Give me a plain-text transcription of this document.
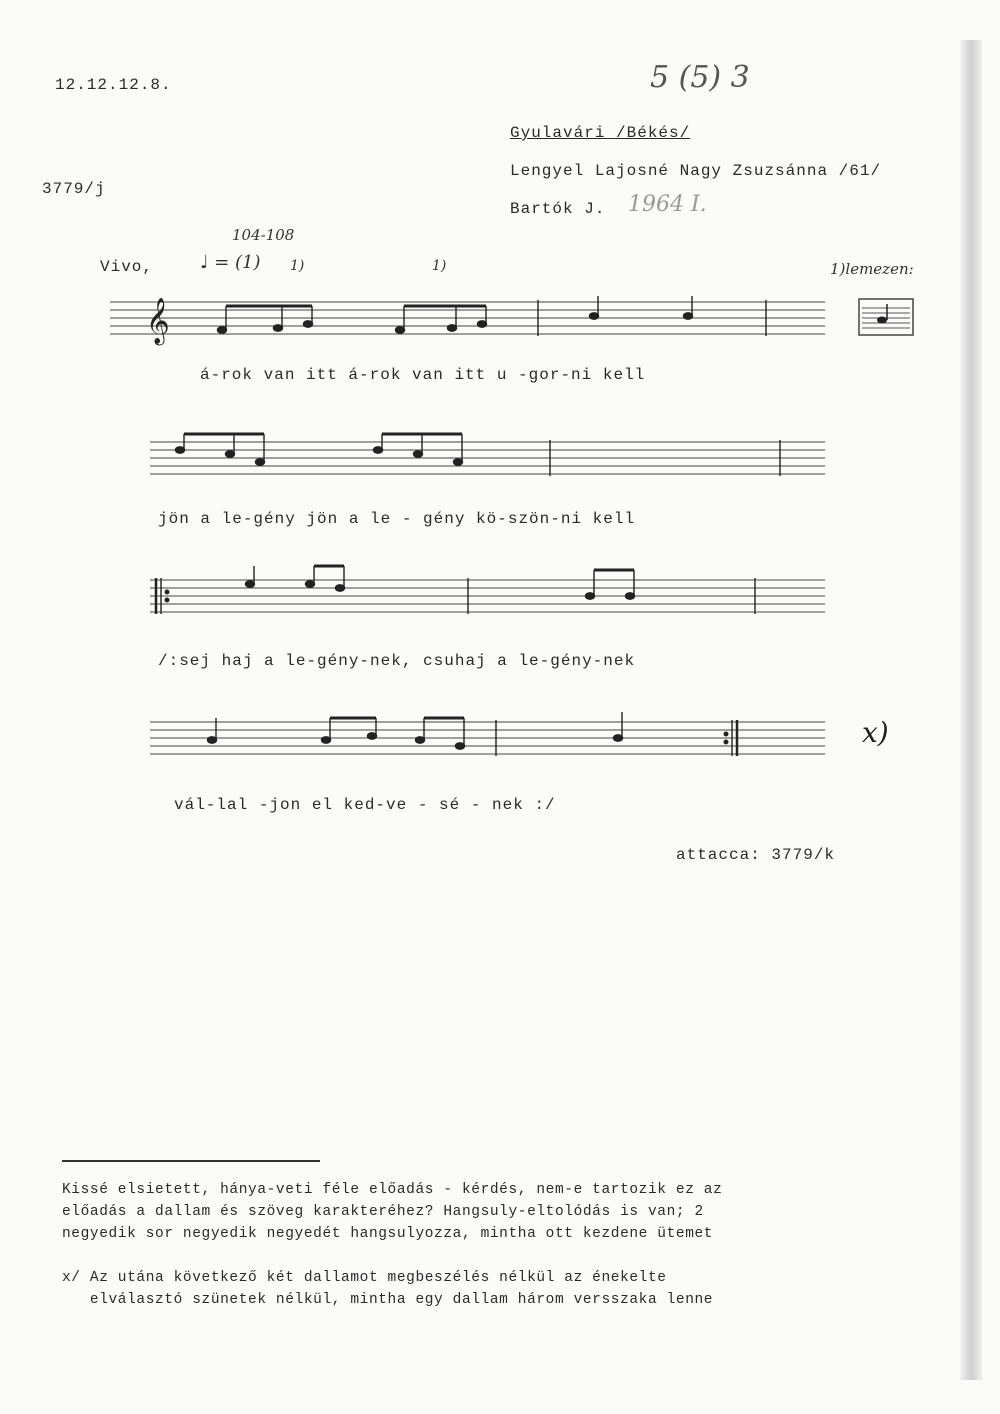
12.12.12.8.
3779/j
5 (5) 3
Gyulavári /Békés/
Lengyel Lajosné Nagy Zsuzsánna /61/
Bartók J. 1964 I.
Vivo,	♩ = (1)
104-108
1)	1)	1)lemezen:
𝄞
á-rok van itt á-rok van itt u -gor-ni kell
jön a le-gény jön a le - gény kö-szön-ni kell
/:sej haj a le-gény-nek, csuhaj a le-gény-nek
x)
vál-lal -jon el ked-ve - sé - nek :/
attacca: 3779/k
Kissé elsietett, hánya-veti féle előadás - kérdés, nem-e tartozik ez az
előadás a dallam és szöveg karakteréhez? Hangsuly-eltolódás is van; 2
negyedik sor negyedik negyedét hangsulyozza, mintha ott kezdene ütemet
x/ Az utána következő két dallamot megbeszélés nélkül az énekelte
elválasztó szünetek nélkül, mintha egy dallam három versszaka lenne
